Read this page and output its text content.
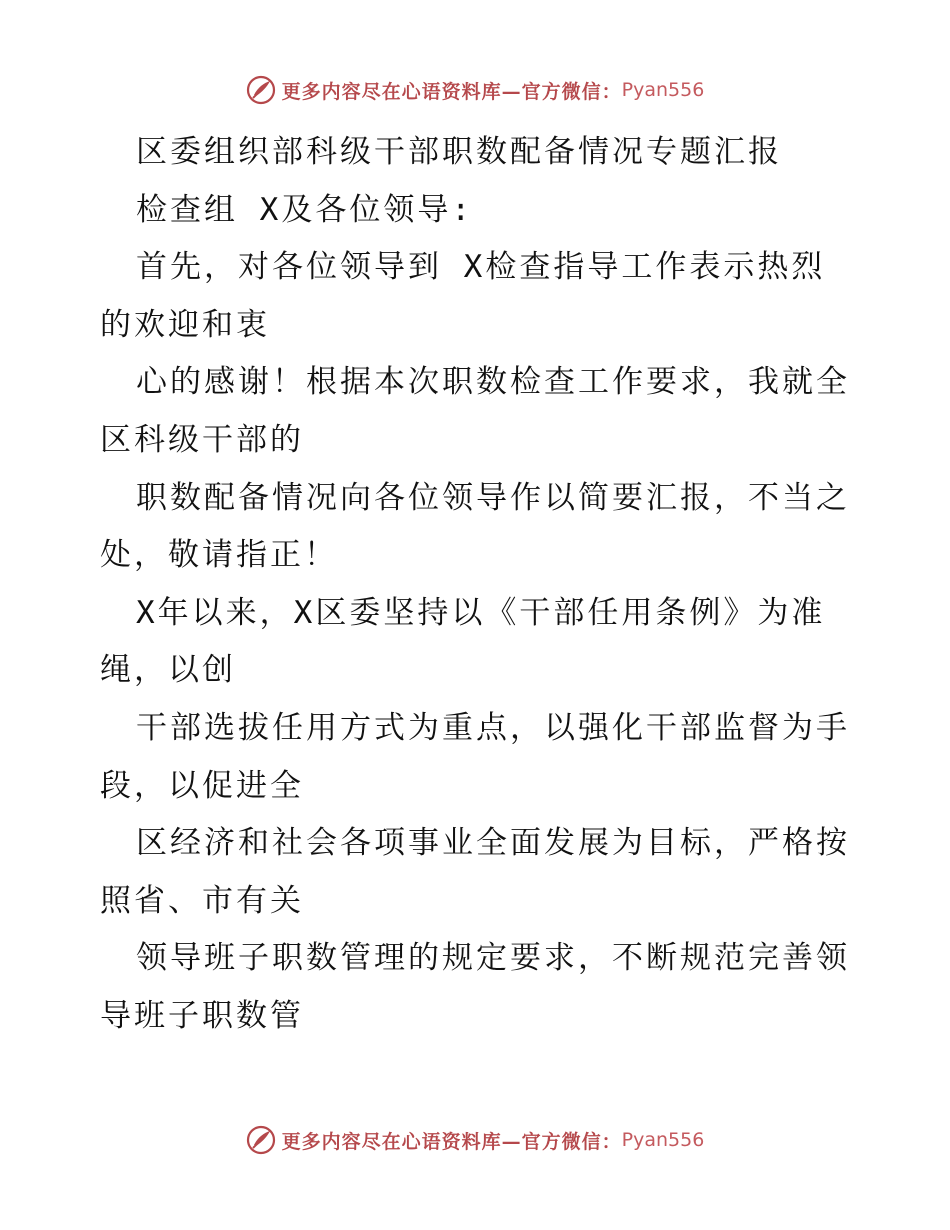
更多内容尽在心语资料库—官方微信： Pyan556
区委组织部科级干部职数配备情况专题汇报
检查组 X及各位领导:
首先，对各位领导到 X检查指导工作表示热烈
的欢迎和衷
心的感谢！根据本次职数检查工作要求，我就全
区科级干部的
职数配备情况向各位领导作以简要汇报，不当之
处，敬请指正！
X年以来，X区委坚持以《干部任用条例》为准
绳，以创
干部选拔任用方式为重点，以强化干部监督为手
段，以促进全
区经济和社会各项事业全面发展为目标，严格按
照省、市有关
领导班子职数管理的规定要求，不断规范完善领
导班子职数管
更多内容尽在心语资料库—官方微信： Pyan556
